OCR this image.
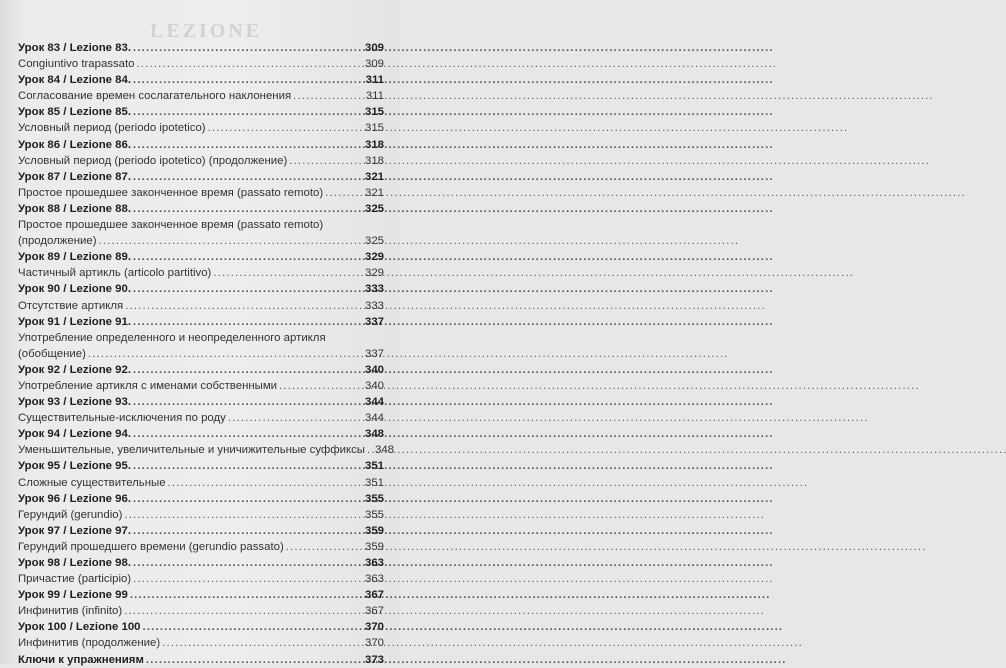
LEZIONE
Урок 83 / Lezione 83. . . .	309
Congiuntivo trapassato . . .	309
Урок 84 / Lezione 84. . . .	311
Согласование времен сослагательного наклонения . . .	311
Урок 85 / Lezione 85. . . .	315
Условный период (periodo ipotetico) . . .	315
Урок 86 / Lezione 86. . . .	318
Условный период (periodo ipotetico) (продолжение) . . .	318
Урок 87 / Lezione 87. . . .	321
Простое прошедшее законченное время (passato remoto) . . .	321
Урок 88 / Lezione 88. . . .	325
Простое прошедшее законченное время (passato remoto)
(продолжение) . . .	325
Урок 89 / Lezione 89. . . .	329
Частичный артикль (articolo partitivo) . . .	329
Урок 90 / Lezione 90. . . .	333
Отсутствие артикля . . .	333
Урок 91 / Lezione 91. . . .	337
Употребление определенного и неопределенного артикля
(обобщение) . . .	337
Урок 92 / Lezione 92. . . .	340
Употребление артикля с именами собственными . . .	340
Урок 93 / Lezione 93. . . .	344
Существительные-исключения по роду . . .	344
Урок 94 / Lezione 94. . . .	348
Уменьшительные, увеличительные и уничижительные суффиксы . . . 348
Урок 95 / Lezione 95. . . .	351
Сложные существительные . . .	351
Урок 96 / Lezione 96. . . .	355
Герундий (gerundio) . . .	355
Урок 97 / Lezione 97. . . .	359
Герундий прошедшего времени (gerundio passato) . . .	359
Урок 98 / Lezione 98. . . .	363
Причастие (participio) . . .	363
Урок 99 / Lezione 99 . . .	367
Инфинитив (infinito) . . .	367
Урок 100 / Lezione 100 . . .	370
Инфинитив (продолжение) . . .	370
Ключи к упражнениям . . .	373
